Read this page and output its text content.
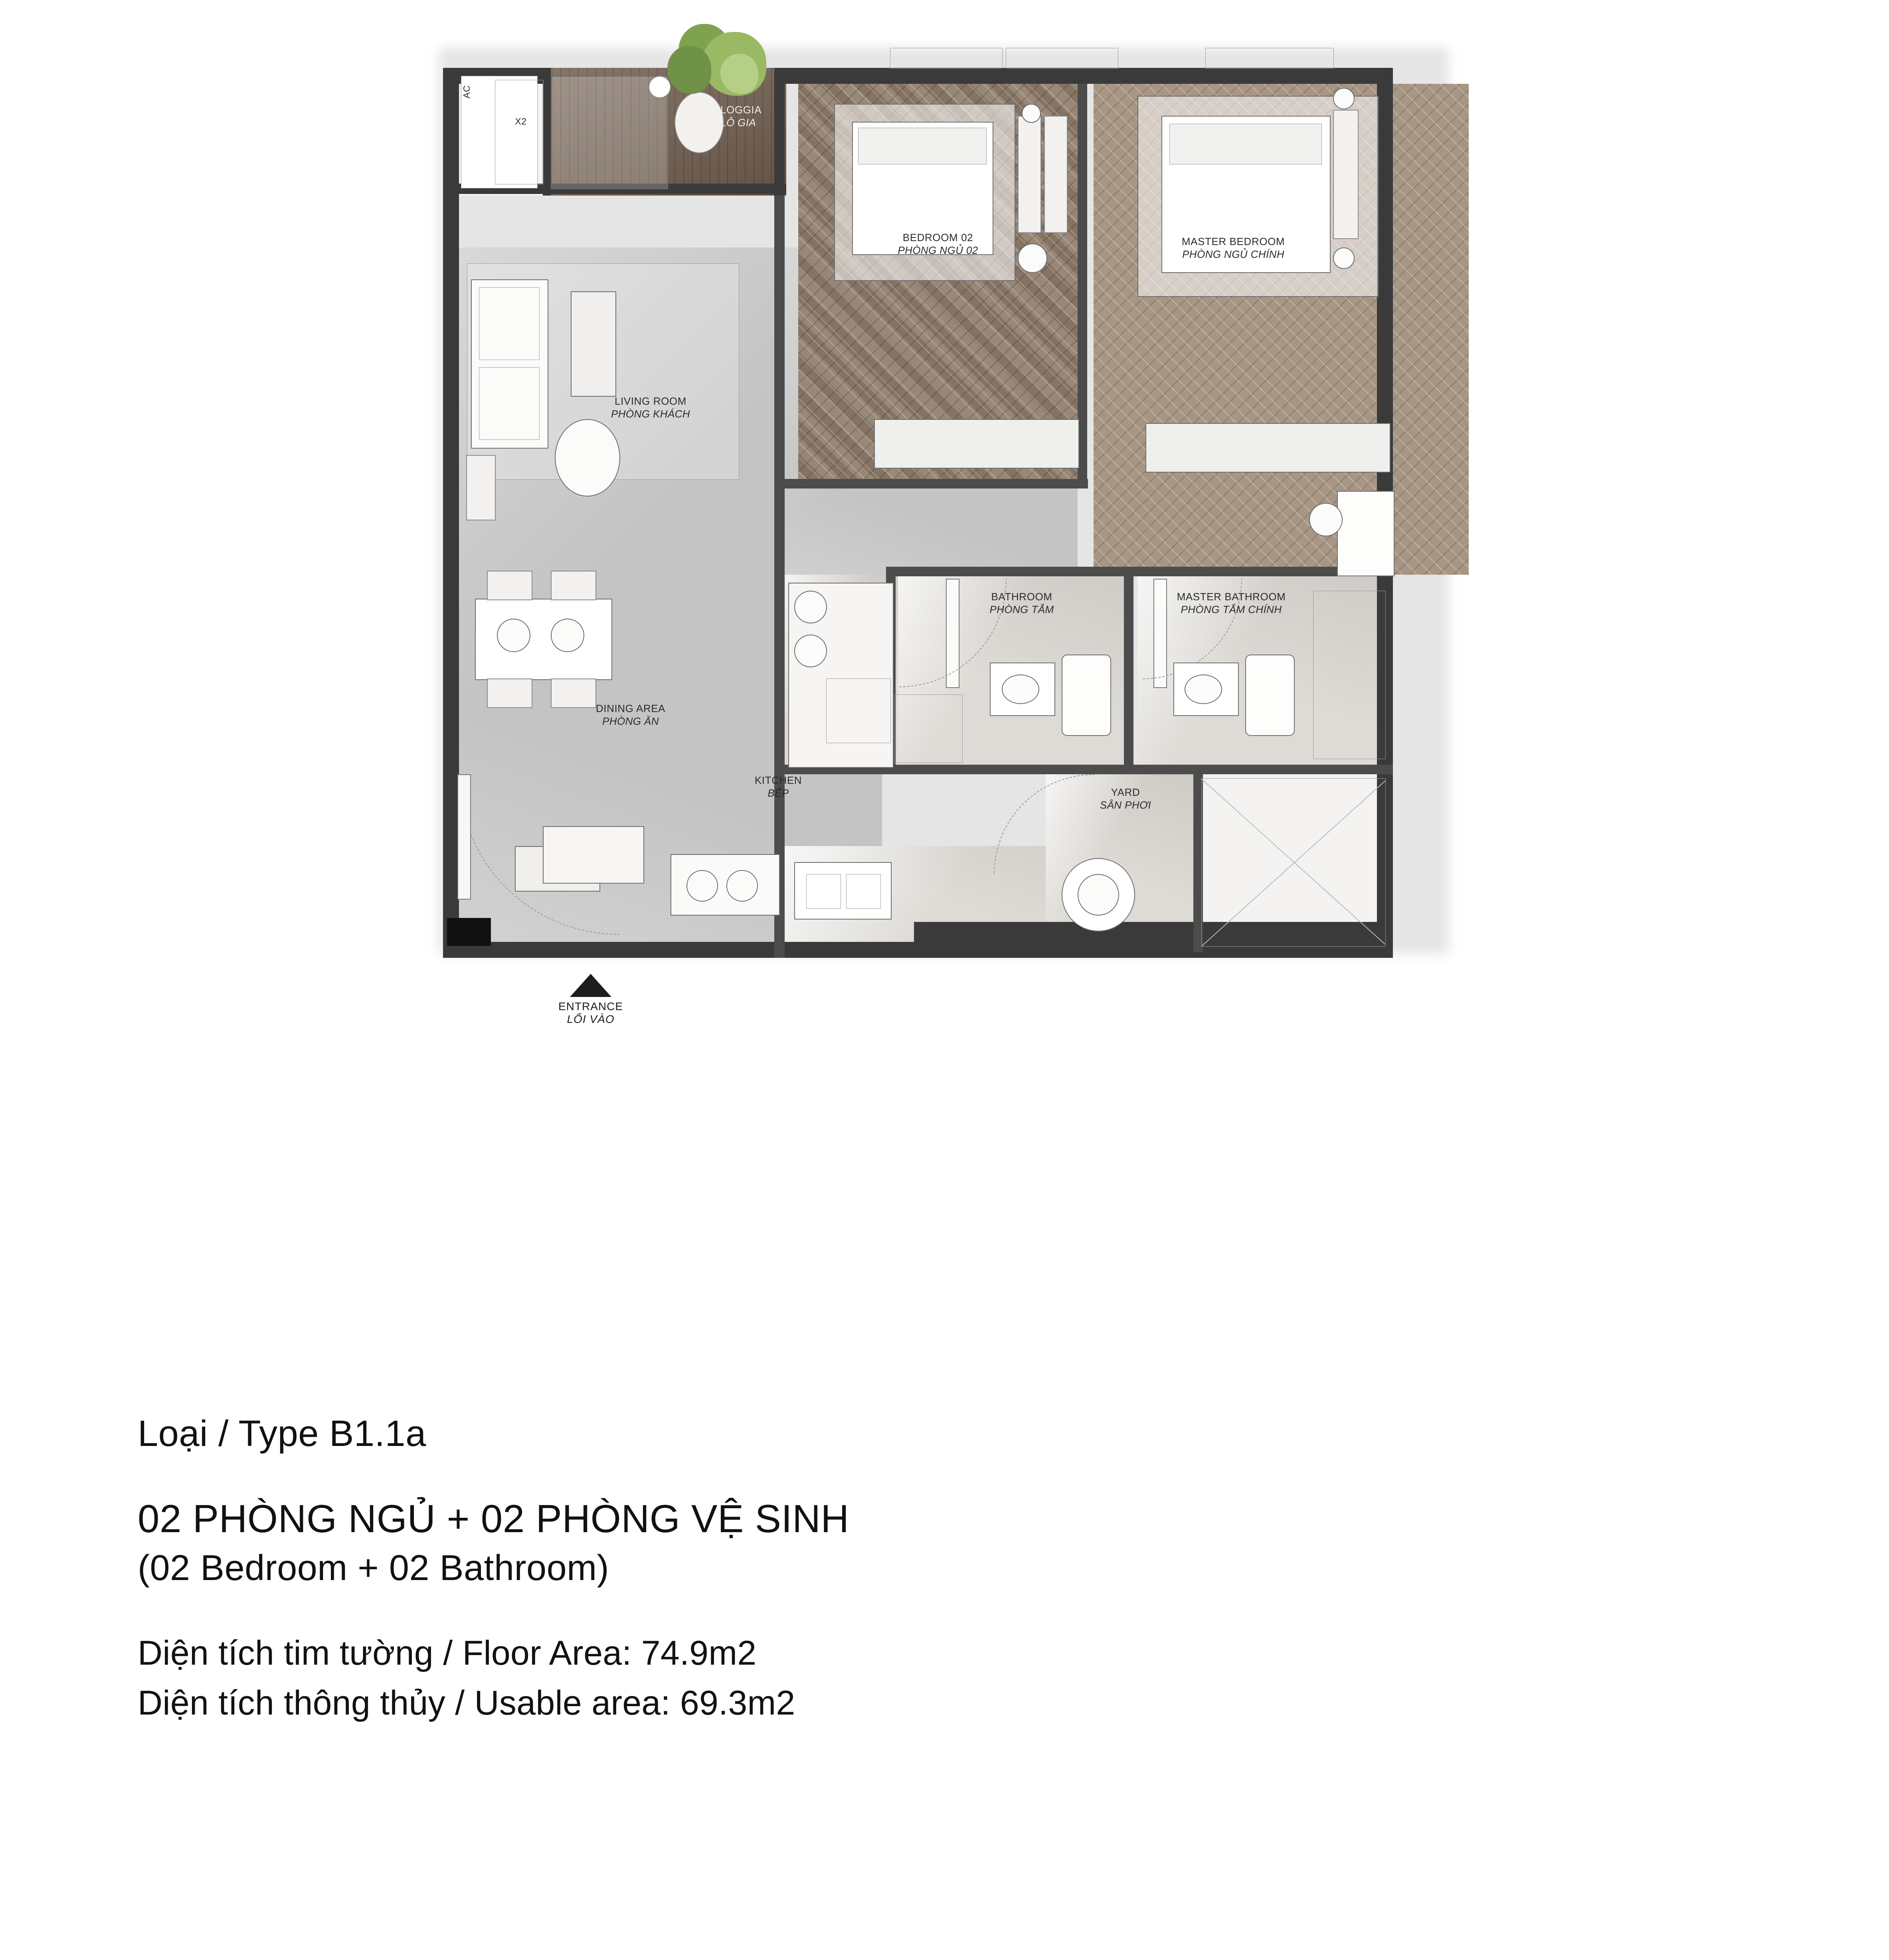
AC
X2
LOGGIA
LÔ GIA
BEDROOM 02
PHÒNG NGỦ 02
MASTER BEDROOM
PHÒNG NGỦ CHÍNH
LIVING ROOM
PHÒNG KHÁCH
DINING AREA
PHÒNG ĂN
KITCHEN
BẾP
BATHROOM
PHÒNG TẮM
MASTER BATHROOM
PHÒNG TẮM CHÍNH
YARD
SÂN PHƠI
ENTRANCE
LỐI VÀO
Loại / Type B1.1a
02 PHÒNG NGỦ + 02 PHÒNG VỆ SINH
(02 Bedroom + 02 Bathroom)
Diện tích tim tường / Floor Area: 74.9m2
Diện tích thông thủy / Usable area: 69.3m2
